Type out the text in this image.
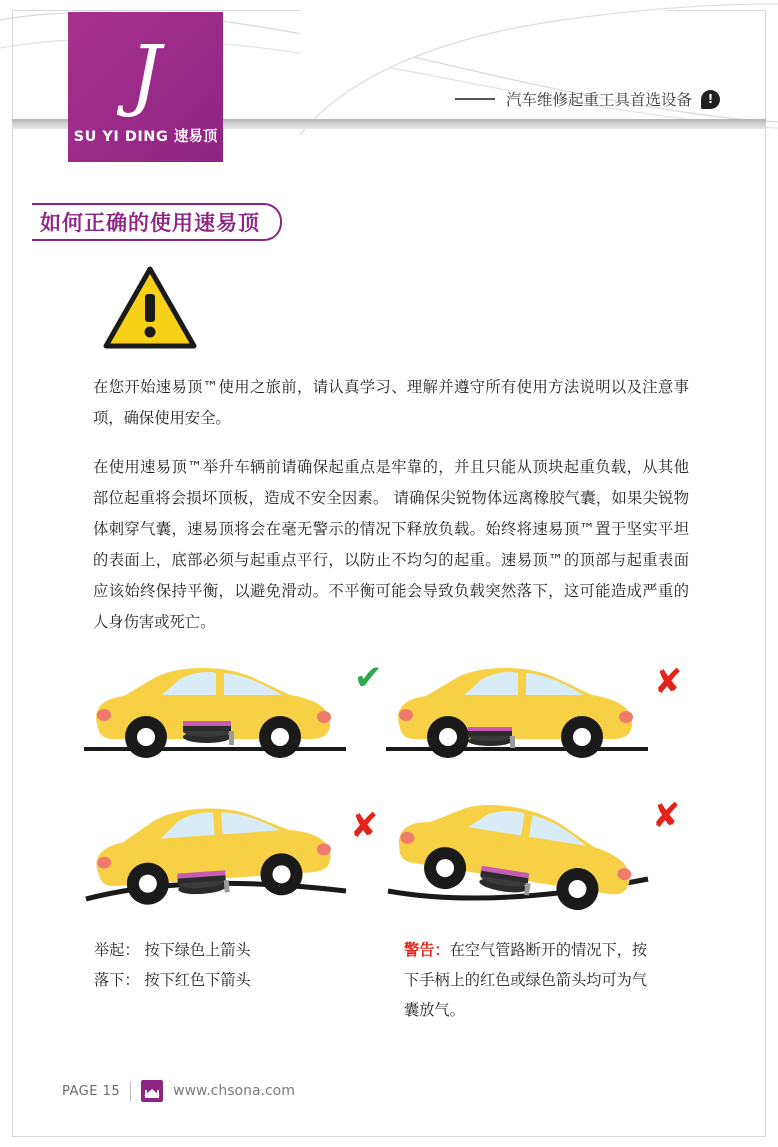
J
SU YI DING 速易顶
汽车维修起重工具首选设备	!
如何正确的使用速易顶
在您开始速易顶™使用之旅前，请认真学习、理解并遵守所有使用方法说明以及注意事项，确保使用安全。
在使用速易顶™举升车辆前请确保起重点是牢靠的，并且只能从顶块起重负载，从其他部位起重将会损坏顶板，造成不安全因素。 请确保尖锐物体远离橡胶气囊，如果尖锐物体刺穿气囊，速易顶将会在毫无警示的情况下释放负载。始终将速易顶™置于坚实平坦的表面上，底部必须与起重点平行，以防止不均匀的起重。速易顶™的顶部与起重表面应该始终保持平衡，以避免滑动。不平衡可能会导致负载突然落下，这可能造成严重的人身伤害或死亡。
✔	✘
✘	✘
举起： 按下绿色上箭头
落下： 按下红色下箭头
警告：在空气管路断开的情况下，按下手柄上的红色或绿色箭头均可为气囊放气。
PAGE 15	www.chsona.com
